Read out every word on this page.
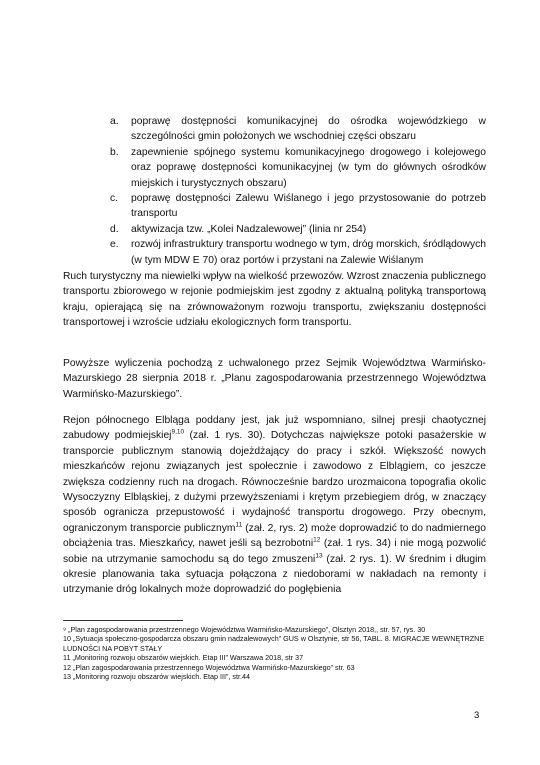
a. poprawę dostępności komunikacyjnej do ośrodka wojewódzkiego w szczególności gmin położonych we wschodniej części obszaru
b. zapewnienie spójnego systemu komunikacyjnego drogowego i kolejowego oraz poprawę dostępności komunikacyjnej (w tym do głównych ośrodków miejskich i turystycznych obszaru)
c. poprawę dostępności Zalewu Wiślanego i jego przystosowanie do potrzeb transportu
d. aktywizacja tzw. „Kolei Nadzalewowej” (linia nr 254)
e. rozwój infrastruktury transportu wodnego w tym, dróg morskich, śródlądowych (w tym MDW E 70) oraz portów i przystani na Zalewie Wiślanym

Ruch turystyczny ma niewielki wpływ na wielkość przewozów. Wzrost znaczenia publicznego transportu zbiorowego w rejonie podmiejskim jest zgodny z aktualną polityką transportową kraju, opierającą się na zrównoważonym rozwoju transportu, zwiększaniu dostępności transportowej i wzroście udziału ekologicznych form transportu.

Powyższe wyliczenia pochodzą z uchwalonego przez Sejmik Województwa Warmińsko-Mazurskiego 28 sierpnia 2018 r. „Planu zagospodarowania przestrzennego Województwa Warmińsko-Mazurskiego”.

Rejon północnego Elbląga poddany jest, jak już wspomniano, silnej presji chaotycznej zabudowy podmiejskiej$^{9,10}$ (zał. 1 rys. 30). Dotychczas największe potoki pasażerskie w transporcie publicznym stanowią dojeżdżający do pracy i szkół. Większość nowych mieszkańców rejonu związanych jest społecznie i zawodowo z Elblągiem, co jeszcze zwiększa codzienny ruch na drogach. Równocześnie bardzo urozmaicona topografia okolic Wysoczyzny Elbląskiej, z dużymi przewyższeniami i krętym przebiegiem dróg, w znaczący sposób ogranicza przepustowość i wydajność transportu drogowego. Przy obecnym, ograniczonym transporcie publicznym$^{11}$ (zał. 2, rys. 2) może doprowadzić to do nadmiernego obciążenia tras. Mieszkańcy, nawet jeśli są bezrobotni$^{12}$ (zał. 1 rys. 34) i nie mogą pozwolić sobie na utrzymanie samochodu są do tego zmuszeni$^{13}$ (zał. 2 rys. 1). W średnim i długim okresie planowania taka sytuacja połączona z niedoborami w nakładach na remonty i utrzymanie dróg lokalnych może doprowadzić do pogłębienia

⁹ „Plan zagospodarowania przestrzennego Województwa Warmińsko-Mazurskiego”, Olsztyn 2018,, str. 57, rys. 30
10 „Sytuacja społeczno-gospodarcza obszaru gmin nadzalewowych” GUS w Olsztynie, str 56, TABL. 8. MIGRACJE WEWNĘTRZNE LUDNOŚCI NA POBYT STAŁY
11 „Monitoring rozwoju obszarów wiejskich. Etap III” Warszawa 2018, str 37
12 „Plan zagospodarowania przestrzennego Województwa Warmińsko-Mazurskiego” str. 63
13 „Monitoring rozwoju obszarów wiejskich. Etap III”, str.44
3
